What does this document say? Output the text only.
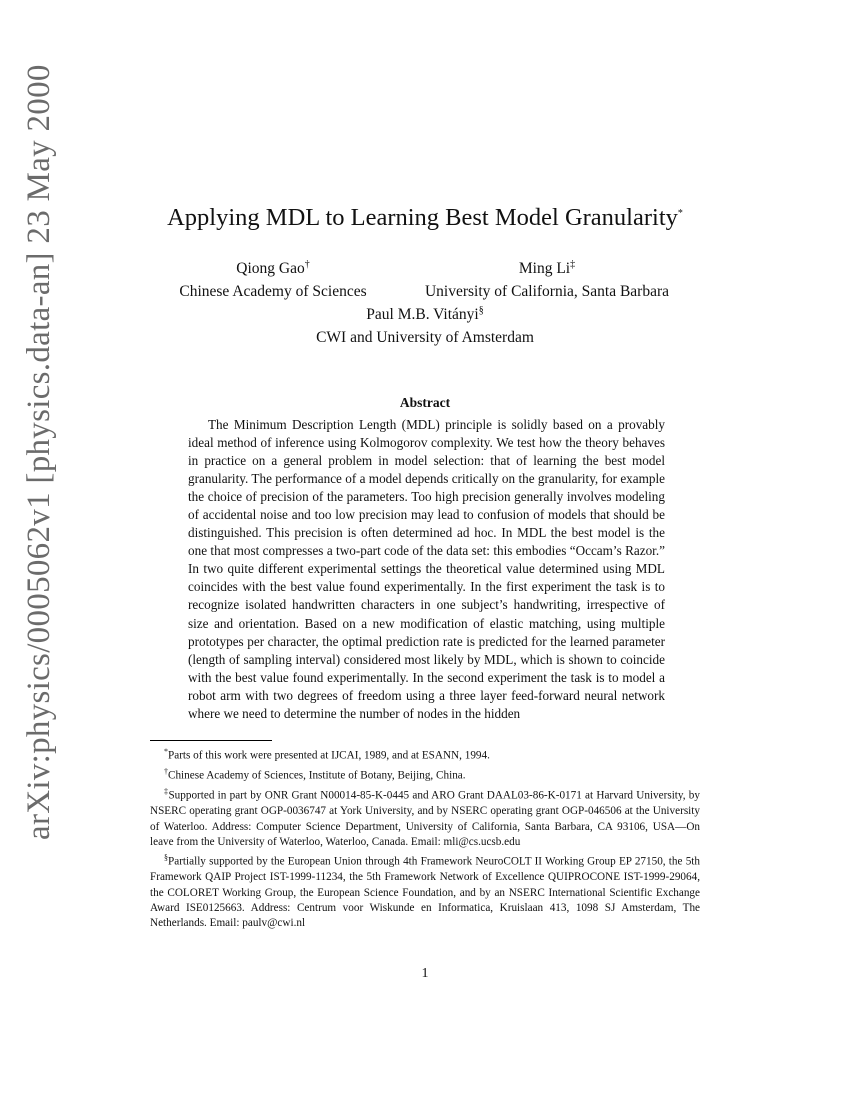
arXiv:physics/0005062v1 [physics.data-an] 23 May 2000	Applying MDL to Learning Best Model Granularity*
Qiong Gao†
Chinese Academy of Sciences
Ming Li‡
University of California, Santa Barbara
Paul M.B. Vitányi§
CWI and University of Amsterdam
Abstract
The Minimum Description Length (MDL) principle is solidly based on a provably ideal method of inference using Kolmogorov complexity. We test how the theory behaves in practice on a general problem in model selection: that of learning the best model granularity. The performance of a model depends critically on the granularity, for example the choice of precision of the parameters. Too high precision generally involves modeling of accidental noise and too low precision may lead to confusion of models that should be distinguished. This precision is often determined ad hoc. In MDL the best model is the one that most compresses a two-part code of the data set: this embodies “Occam’s Razor.” In two quite different experimental settings the theoretical value determined using MDL coincides with the best value found experimentally. In the first experiment the task is to recognize isolated handwritten characters in one subject’s handwriting, irrespective of size and orientation. Based on a new modification of elastic matching, using multiple prototypes per character, the optimal prediction rate is predicted for the learned parameter (length of sampling interval) considered most likely by MDL, which is shown to coincide with the best value found experimentally. In the second experiment the task is to model a robot arm with two degrees of freedom using a three layer feed-forward neural network where we need to determine the number of nodes in the hidden

*Parts of this work were presented at IJCAI, 1989, and at ESANN, 1994.

†Chinese Academy of Sciences, Institute of Botany, Beijing, China.

‡Supported in part by ONR Grant N00014-85-K-0445 and ARO Grant DAAL03-86-K-0171 at Harvard University, by NSERC operating grant OGP-0036747 at York University, and by NSERC operating grant OGP-046506 at the University of Waterloo. Address: Computer Science Department, University of California, Santa Barbara, CA 93106, USA—On leave from the University of Waterloo, Waterloo, Canada. Email: mli@cs.ucsb.edu

§Partially supported by the European Union through 4th Framework NeuroCOLT II Working Group EP 27150, the 5th Framework QAIP Project IST-1999-11234, the 5th Framework Network of Excellence QUIPROCONE IST-1999-29064, the COLORET Working Group, the European Science Foundation, and by an NSERC International Scientific Exchange Award ISE0125663. Address: Centrum voor Wiskunde en Informatica, Kruislaan 413, 1098 SJ Amsterdam, The Netherlands. Email: paulv@cwi.nl

1
